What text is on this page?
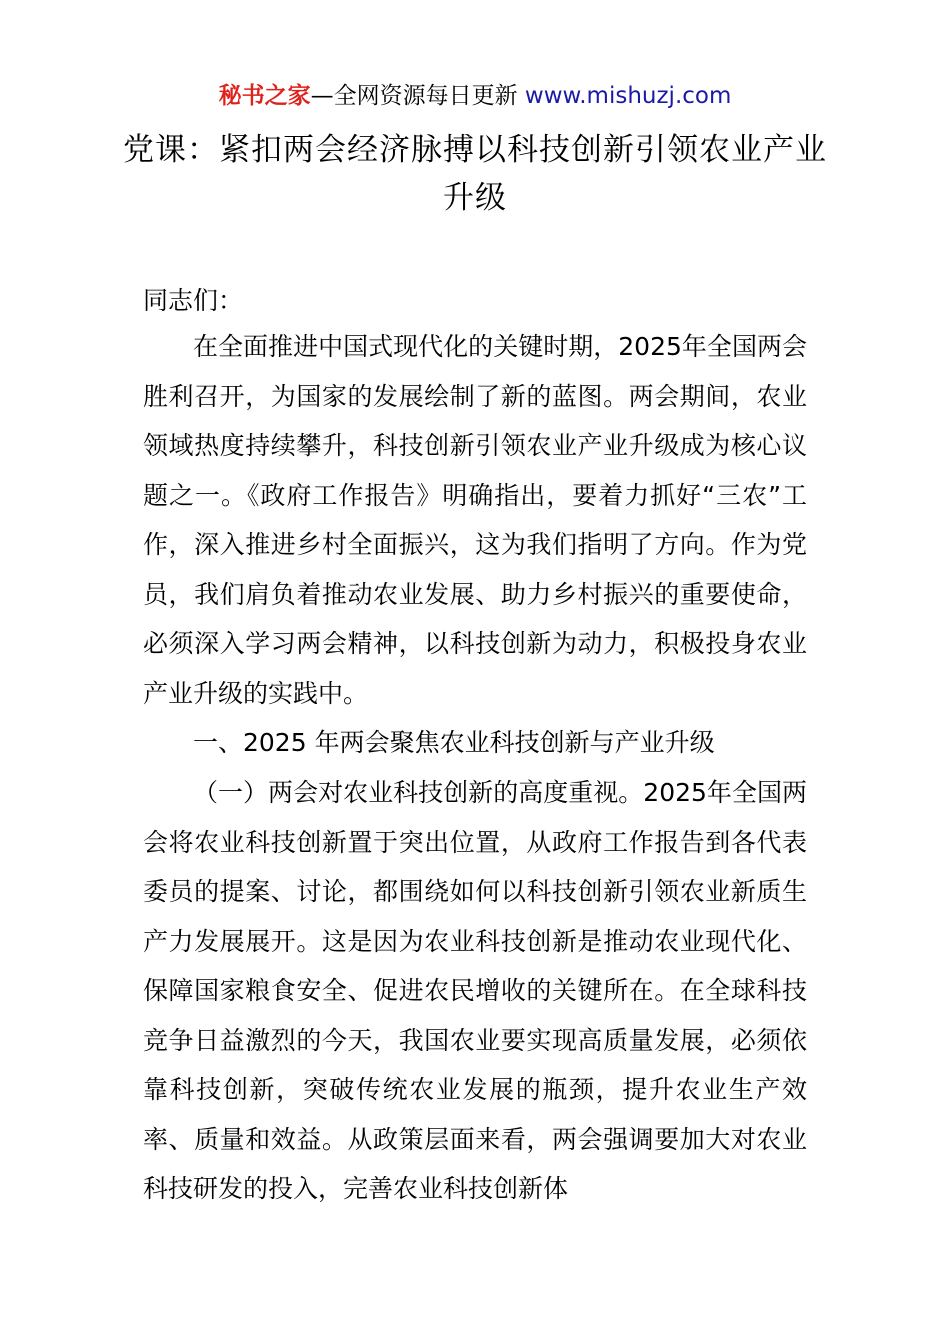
秘书之家—全网资源每日更新 www.mishuzj.com
党课：紧扣两会经济脉搏以科技创新引领农业产业升级
同志们：
在全面推进中国式现代化的关键时期，2025年全国两会胜利召开，为国家的发展绘制了新的蓝图。两会期间，农业领域热度持续攀升，科技创新引领农业产业升级成为核心议题之一。《政府工作报告》明确指出，要着力抓好“三农”工作，深入推进乡村全面振兴，这为我们指明了方向。作为党员，我们肩负着推动农业发展、助力乡村振兴的重要使命，必须深入学习两会精神，以科技创新为动力，积极投身农业产业升级的实践中。
一、2025 年两会聚焦农业科技创新与产业升级
（一）两会对农业科技创新的高度重视。2025年全国两会将农业科技创新置于突出位置，从政府工作报告到各代表委员的提案、讨论，都围绕如何以科技创新引领农业新质生产力发展展开。这是因为农业科技创新是推动农业现代化、保障国家粮食安全、促进农民增收的关键所在。在全球科技竞争日益激烈的今天，我国农业要实现高质量发展，必须依靠科技创新，突破传统农业发展的瓶颈，提升农业生产效率、质量和效益。从政策层面来看，两会强调要加大对农业科技研发的投入，完善农业科技创新体
